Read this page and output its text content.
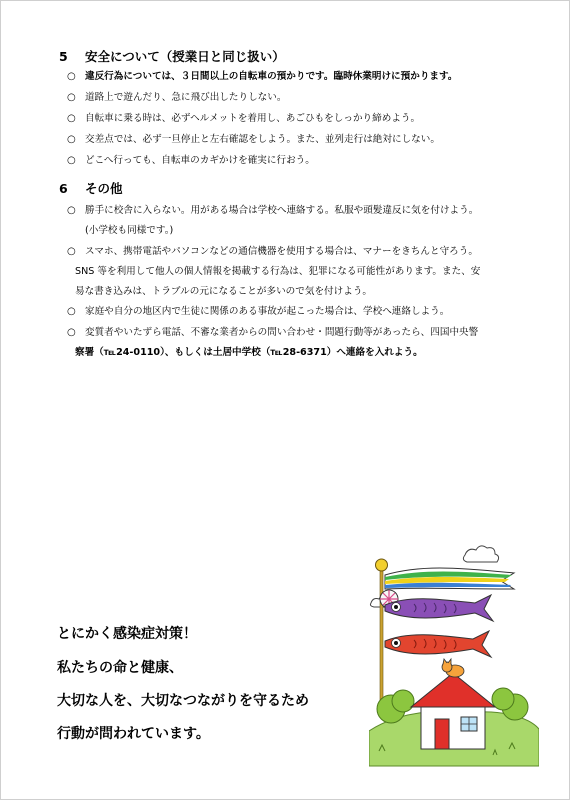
5 安全について（授業日と同じ扱い）
○ 違反行為については、３日間以上の自転車の預かりです。臨時休業明けに預かります。
○ 道路上で遊んだり、急に飛び出したりしない。
○ 自転車に乗る時は、必ずヘルメットを着用し、あごひもをしっかり締めよう。
○ 交差点では、必ず一旦停止と左右確認をしよう。また、並列走行は絶対にしない。
○ どこへ行っても、自転車のカギかけを確実に行おう。
6 その他
○ 勝手に校舎に入らない。用がある場合は学校へ連絡する。私服や頭髪違反に気を付けよう。
(小学校も同様です。)
○ スマホ、携帯電話やパソコンなどの通信機器を使用する場合は、マナーをきちんと守ろう。
SNS 等を利用して他人の個人情報を掲載する行為は、犯罪になる可能性があります。また、安
易な書き込みは、トラブルの元になることが多いので気を付けよう。
○ 家庭や自分の地区内で生徒に関係のある事故が起こった場合は、学校へ連絡しよう。
○ 変質者やいたずら電話、不審な業者からの問い合わせ・問題行動等があったら、四国中央警
察署（℡24-0110）、もしくは土居中学校（℡28-6371）へ連絡を入れよう。
とにかく感染症対策！
私たちの命と健康、
大切な人を、大切なつながりを守るため
行動が問われています。
